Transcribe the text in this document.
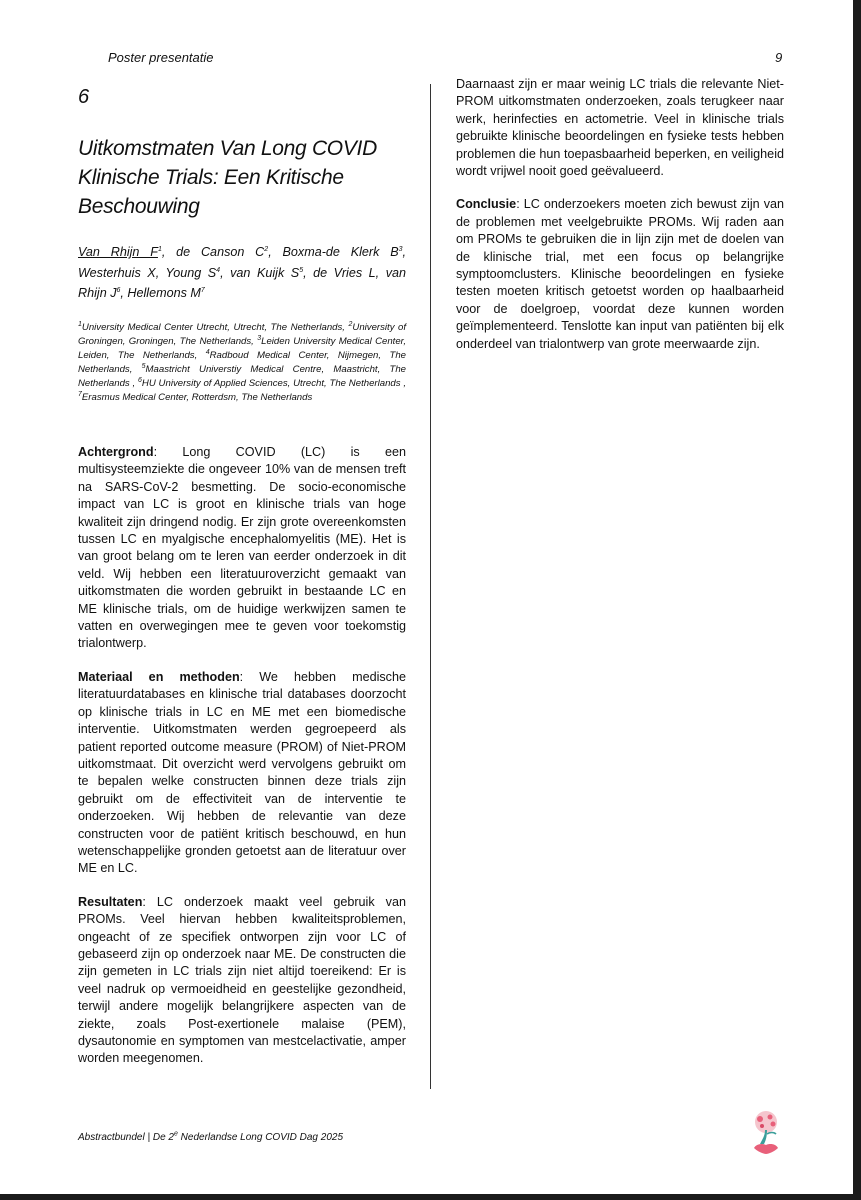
Poster presentatie	9
6
Uitkomstmaten Van Long COVID Klinische Trials: Een Kritische Beschouwing
Van Rhijn $F^1$, de Canson $C^2$, Boxma-de Klerk $B^3$, Westerhuis X, Young $S^4$, van Kuijk $S^5$, de Vries L, van Rhijn $J^6$, Hellemons $M^7$
$^1$University Medical Center Utrecht, Utrecht, The Netherlands, $^2$University of Groningen, Groningen, The Netherlands, $^3$Leiden University Medical Center, Leiden, The Netherlands, $^4$Radboud Medical Center, Nijmegen, The Netherlands, $^5$Maastricht Universtiy Medical Centre, Maastricht, The Netherlands , $^6$HU University of Applied Sciences, Utrecht, The Netherlands , $^7$Erasmus Medical Center, Rotterdsm, The Netherlands

Achtergrond: Long COVID (LC) is een multisysteemziekte die ongeveer 10% van de mensen treft na SARS-CoV-2 besmetting. De socio-economische impact van LC is groot en klinische trials van hoge kwaliteit zijn dringend nodig. Er zijn grote overeenkomsten tussen LC en myalgische encephalomyelitis (ME). Het is van groot belang om te leren van eerder onderzoek in dit veld. Wij hebben een literatuuroverzicht gemaakt van uitkomstmaten die worden gebruikt in bestaande LC en ME klinische trials, om de huidige werkwijzen samen te vatten en overwegingen mee te geven voor toekomstig trialontwerp.

Materiaal en methoden: We hebben medische literatuurdatabases en klinische trial databases doorzocht op klinische trials in LC en ME met een biomedische interventie. Uitkomstmaten werden gegroepeerd als patient reported outcome measure (PROM) of Niet-PROM uitkomstmaat. Dit overzicht werd vervolgens gebruikt om te bepalen welke constructen binnen deze trials zijn gebruikt om de effectiviteit van de interventie te onderzoeken. Wij hebben de relevantie van deze constructen voor de patiënt kritisch beschouwd, en hun wetenschappelijke gronden getoetst aan de literatuur over ME en LC.

Resultaten: LC onderzoek maakt veel gebruik van PROMs. Veel hiervan hebben kwaliteitsproblemen, ongeacht of ze specifiek ontworpen zijn voor LC of gebaseerd zijn op onderzoek naar ME. De constructen die zijn gemeten in LC trials zijn niet altijd toereikend: Er is veel nadruk op vermoeidheid en geestelijke gezondheid, terwijl andere mogelijk belangrijkere aspecten van de ziekte, zoals Post-exertionele malaise (PEM), dysautonomie en symptomen van mestcelactivatie, amper worden meegenomen.

Daarnaast zijn er maar weinig LC trials die relevante Niet-PROM uitkomstmaten onderzoeken, zoals terugkeer naar werk, herinfecties en actometrie. Veel in klinische trials gebruikte klinische beoordelingen en fysieke tests hebben problemen die hun toepasbaarheid beperken, en veiligheid wordt vrijwel nooit goed geëvalueerd.

Conclusie: LC onderzoekers moeten zich bewust zijn van de problemen met veelgebruikte PROMs. Wij raden aan om PROMs te gebruiken die in lijn zijn met de doelen van de klinische trial, met een focus op belangrijke symptoomclusters. Klinische beoordelingen en fysieke testen moeten kritisch getoetst worden op haalbaarheid voor de doelgroep, voordat deze kunnen worden geïmplementeerd. Tenslotte kan input van patiënten bij elk onderdeel van trialontwerp van grote meerwaarde zijn.

Abstractbundel | De 2e Nederlandse Long COVID Dag 2025
